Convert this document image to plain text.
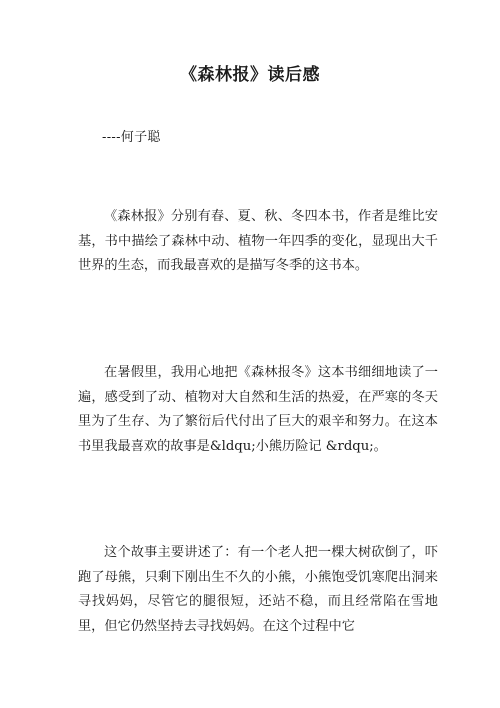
《森林报》读后感
----何子聪

《森林报》分别有春、夏、秋、冬四本书，作者是维比安基，书中描绘了森林中动、植物一年四季的变化，显现出大千世界的生态，而我最喜欢的是描写冬季的这书本。

在暑假里，我用心地把《森林报冬》这本书细细地读了一遍，感受到了动、植物对大自然和生活的热爱，在严寒的冬天里为了生存、为了繁衍后代付出了巨大的艰辛和努力。在这本书里我最喜欢的故事是&ldqu;小熊历险记 &rdqu;。

这个故事主要讲述了：有一个老人把一棵大树砍倒了，吓跑了母熊，只剩下刚出生不久的小熊，小熊饱受饥寒爬出洞来寻找妈妈，尽管它的腿很短，还站不稳，而且经常陷在雪地里，但它仍然坚持去寻找妈妈。在这个过程中它
